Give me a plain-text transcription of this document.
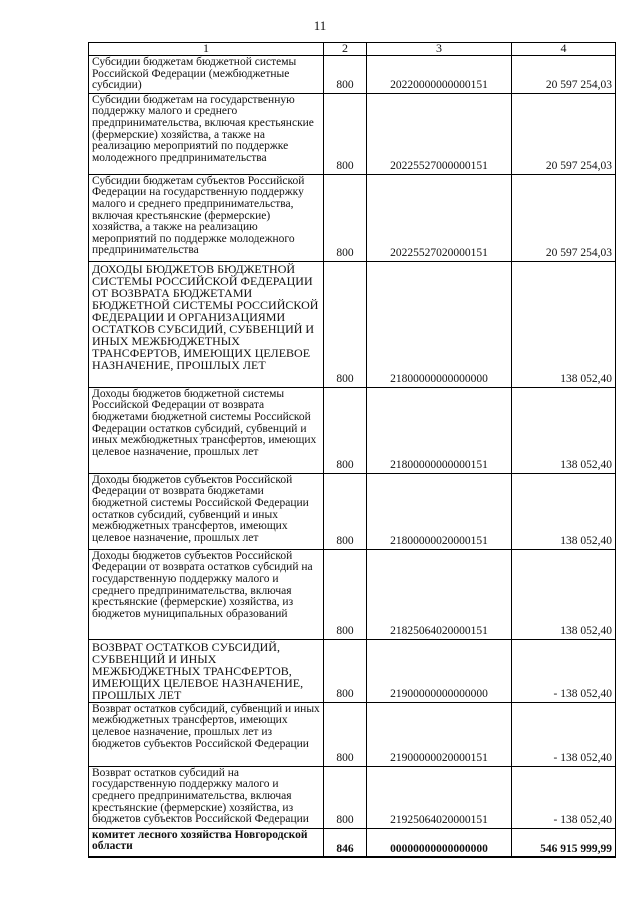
11
1	2	3	4
Субсидии бюджетам бюджетной системы Российской Федерации (межбюджетные субсидии)	800	20220000000000151	20 597 254,03
Субсидии бюджетам на государственную поддержку малого и среднего предпринимательства, включая крестьянские (фермерские) хозяйства, а также на реализацию мероприятий по поддержке молодежного предпринимательства	800	20225527000000151	20 597 254,03
Субсидии бюджетам субъектов Российской Федерации на государственную поддержку малого и среднего предпринимательства, включая крестьянские (фермерские) хозяйства, а также на реализацию мероприятий по поддержке молодежного предпринимательства	800	20225527020000151	20 597 254,03
ДОХОДЫ БЮДЖЕТОВ БЮДЖЕТНОЙ СИСТЕМЫ РОССИЙСКОЙ ФЕДЕРАЦИИ ОТ ВОЗВРАТА БЮДЖЕТАМИ БЮДЖЕТНОЙ СИСТЕМЫ РОССИЙСКОЙ ФЕДЕРАЦИИ И ОРГАНИЗАЦИЯМИ ОСТАТКОВ СУБСИДИЙ, СУБВЕНЦИЙ И ИНЫХ МЕЖБЮДЖЕТНЫХ ТРАНСФЕРТОВ, ИМЕЮЩИХ ЦЕЛЕВОЕ НАЗНАЧЕНИЕ, ПРОШЛЫХ ЛЕТ	800	21800000000000000	138 052,40
Доходы бюджетов бюджетной системы Российской Федерации от возврата бюджетами бюджетной системы Российской Федерации остатков субсидий, субвенций и иных межбюджетных трансфертов, имеющих целевое назначение, прошлых лет	800	21800000000000151	138 052,40
Доходы бюджетов субъектов Российской Федерации от возврата бюджетами бюджетной системы Российской Федерации остатков субсидий, субвенций и иных межбюджетных трансфертов, имеющих целевое назначение, прошлых лет	800	21800000020000151	138 052,40
Доходы бюджетов субъектов Российской Федерации от возврата остатков субсидий на государственную поддержку малого и среднего предпринимательства, включая крестьянские (фермерские) хозяйства, из бюджетов муниципальных образований	800	21825064020000151	138 052,40
ВОЗВРАТ ОСТАТКОВ СУБСИДИЙ, СУБВЕНЦИЙ И ИНЫХ МЕЖБЮДЖЕТНЫХ ТРАНСФЕРТОВ, ИМЕЮЩИХ ЦЕЛЕВОЕ НАЗНАЧЕНИЕ, ПРОШЛЫХ ЛЕТ	800	21900000000000000	- 138 052,40
Возврат остатков субсидий, субвенций и иных межбюджетных трансфертов, имеющих целевое назначение, прошлых лет из бюджетов субъектов Российской Федерации	800	21900000020000151	- 138 052,40
Возврат остатков субсидий на государственную поддержку малого и среднего предпринимательства, включая крестьянские (фермерские) хозяйства, из бюджетов субъектов Российской Федерации	800	21925064020000151	- 138 052,40
комитет лесного хозяйства Новгородской области	846	00000000000000000	546 915 999,99
